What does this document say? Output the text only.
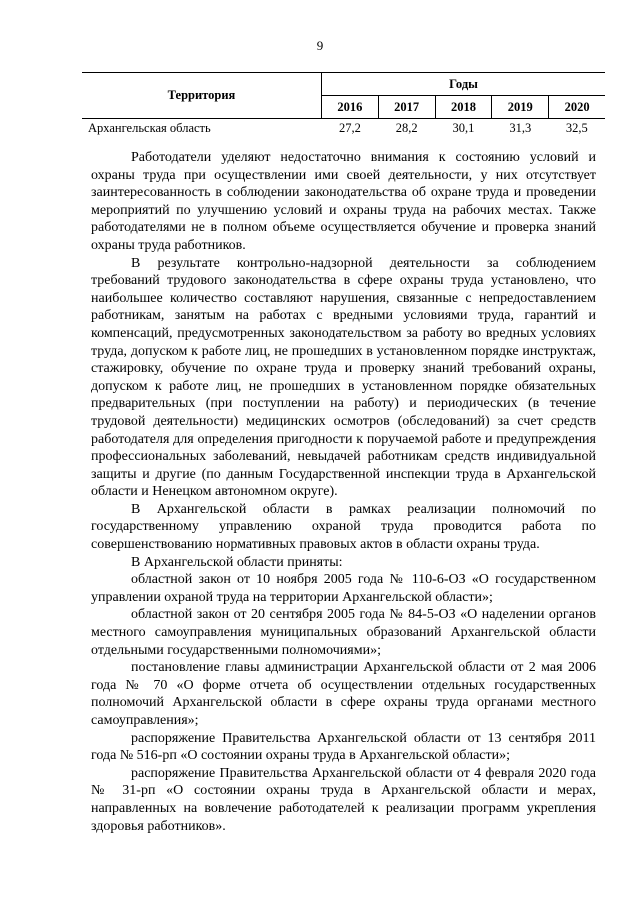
9
Территория	Годы				
	2016	2017	2018	2019	2020
Архангельская область	27,2	28,2	30,1	31,3	32,5

Работодатели уделяют недостаточно внимания к состоянию условий и охраны труда при осуществлении ими своей деятельности, у них отсутствует заинтересованность в соблюдении законодательства об охране труда и проведении мероприятий по улучшению условий и охраны труда на рабочих местах. Также работодателями не в полном объеме осуществляется обучение и проверка знаний охраны труда работников.

В результате контрольно-надзорной деятельности за соблюдением требований трудового законодательства в сфере охраны труда установлено, что наибольшее количество составляют нарушения, связанные с непредоставлением работникам, занятым на работах с вредными условиями труда, гарантий и компенсаций, предусмотренных законодательством за работу во вредных условиях труда, допуском к работе лиц, не прошедших в установленном порядке инструктаж, стажировку, обучение по охране труда и проверку знаний требований охраны, допуском к работе лиц, не прошедших в установленном порядке обязательных предварительных (при поступлении на работу) и периодических (в течение трудовой деятельности) медицинских осмотров (обследований) за счет средств работодателя для определения пригодности к поручаемой работе и предупреждения профессиональных заболеваний, невыдачей работникам средств индивидуальной защиты и другие (по данным Государственной инспекции труда в Архангельской области и Ненецком автономном округе).

В Архангельской области в рамках реализации полномочий по государственному управлению охраной труда проводится работа по совершенствованию нормативных правовых актов в области охраны труда.

В Архангельской области приняты:

областной закон от 10 ноября 2005 года № 110-6-ОЗ «О государственном управлении охраной труда на территории Архангельской области»;

областной закон от 20 сентября 2005 года № 84-5-ОЗ «О наделении органов местного самоуправления муниципальных образований Архангельской области отдельными государственными полномочиями»;

постановление главы администрации Архангельской области от 2 мая 2006 года № 70 «О форме отчета об осуществлении отдельных государственных полномочий Архангельской области в сфере охраны труда органами местного самоуправления»;

распоряжение Правительства Архангельской области от 13 сентября 2011 года № 516-рп «О состоянии охраны труда в Архангельской области»;

распоряжение Правительства Архангельской области от 4 февраля 2020 года № 31-рп «О состоянии охраны труда в Архангельской области и мерах, направленных на вовлечение работодателей к реализации программ укрепления здоровья работников».
